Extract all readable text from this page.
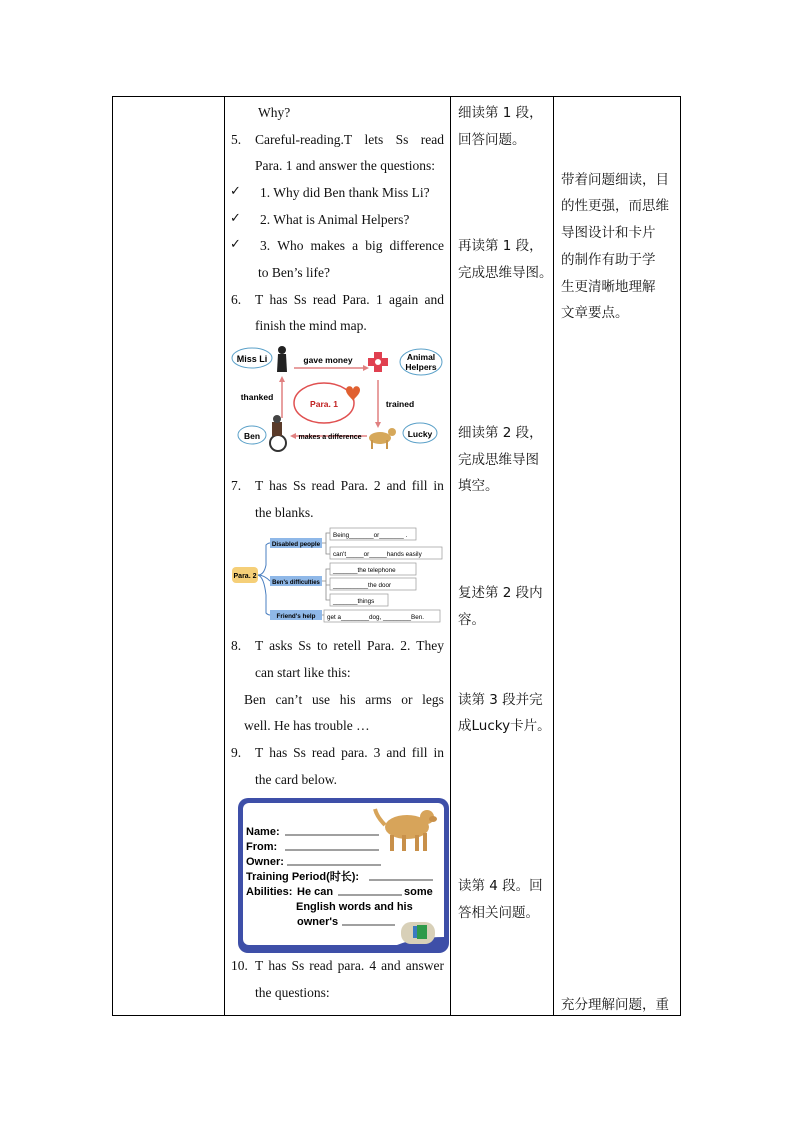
Why?
5. Careful-reading.T lets Ss read
Para. 1 and answer the questions:
✓ 1. Why did Ben thank Miss Li?
✓ 2. What is Animal Helpers?
✓ 3. Who makes a big difference
to Ben’s life?
6. T has Ss read Para. 1 again and
finish the mind map.
Miss Li	gave money	Animal
Helpers
thanked
Para. 1	trained
Ben	makes a difference	Lucky
7. T has Ss read Para. 2 and fill in
the blanks.
Para. 2
Disabled people
Ben's difficulties
Friend's help
Being_______or_______ .
can't_____or_____hands easily
_______the telephone
__________the door
_______things
get a________dog, ________Ben.
8. T asks Ss to retell Para. 2. They
can start like this:
Ben can’t use his arms or legs
well. He has trouble …
9. T has Ss read para. 3 and fill in
the card below.
Name:
From:
Owner:
Training Period(时长):
Abilities: He can	some
English words and his
owner's
10. T has Ss read para. 4 and answer
the questions:
细读第 1 段，
回答问题。
再读第 1 段，
完成思维导图。
细读第 2 段，
完成思维导图
填空。
复述第 2 段内
容。
读第 3 段并完
成Lucky卡片。
读第 4 段。回
答相关问题。
带着问题细读，目
的性更强，而思维
导图设计和卡片
的制作有助于学
生更清晰地理解
文章要点。
充分理解问题，重
